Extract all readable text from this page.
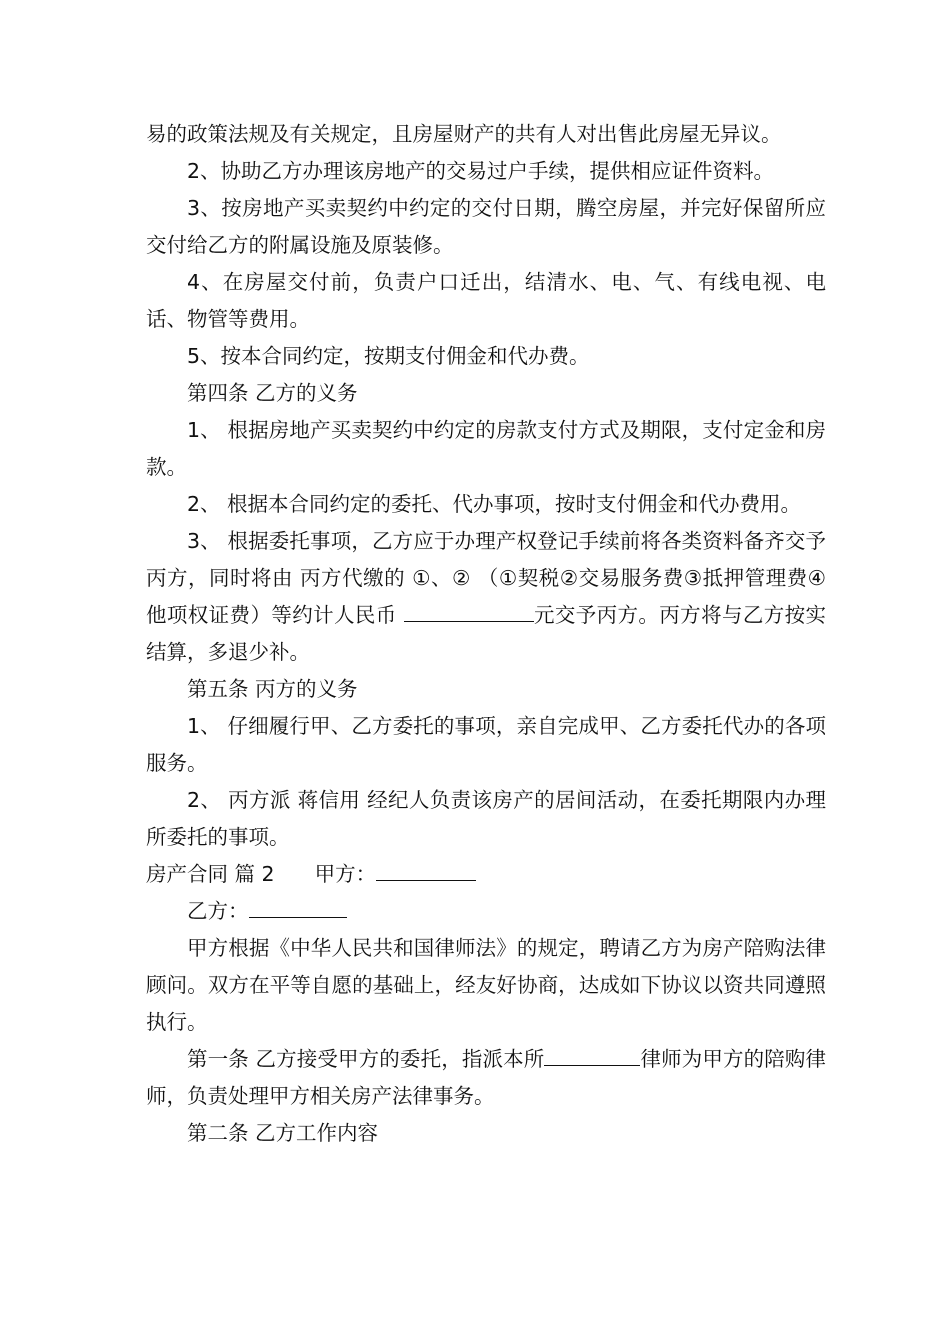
易的政策法规及有关规定，且房屋财产的共有人对出售此房屋无异议。

2、协助乙方办理该房地产的交易过户手续，提供相应证件资料。

3、按房地产买卖契约中约定的交付日期，腾空房屋，并完好保留所应交付给乙方的附属设施及原装修。

4、在房屋交付前，负责户口迁出，结清水、电、气、有线电视、电话、物管等费用。

5、按本合同约定，按期支付佣金和代办费。

第四条 乙方的义务

1、 根据房地产买卖契约中约定的房款支付方式及期限，支付定金和房款。

2、 根据本合同约定的委托、代办事项，按时支付佣金和代办费用。

3、 根据委托事项，乙方应于办理产权登记手续前将各类资料备齐交予丙方，同时将由 丙方代缴的 ①、② （①契税②交易服务费③抵押管理费④他项权证费）等约计人民币	元交予丙方。丙方将与乙方按实结算，多退少补。

第五条 丙方的义务

1、 仔细履行甲、乙方委托的事项，亲自完成甲、乙方委托代办的各项服务。

2、 丙方派 蒋信用 经纪人负责该房产的居间活动，在委托期限内办理所委托的事项。

房产合同 篇 2 甲方：

乙方：

甲方根据《中华人民共和国律师法》的规定，聘请乙方为房产陪购法律顾问。双方在平等自愿的基础上，经友好协商，达成如下协议以资共同遵照执行。

第一条 乙方接受甲方的委托，指派本所	律师为甲方的陪购律师，负责处理甲方相关房产法律事务。

第二条 乙方工作内容
